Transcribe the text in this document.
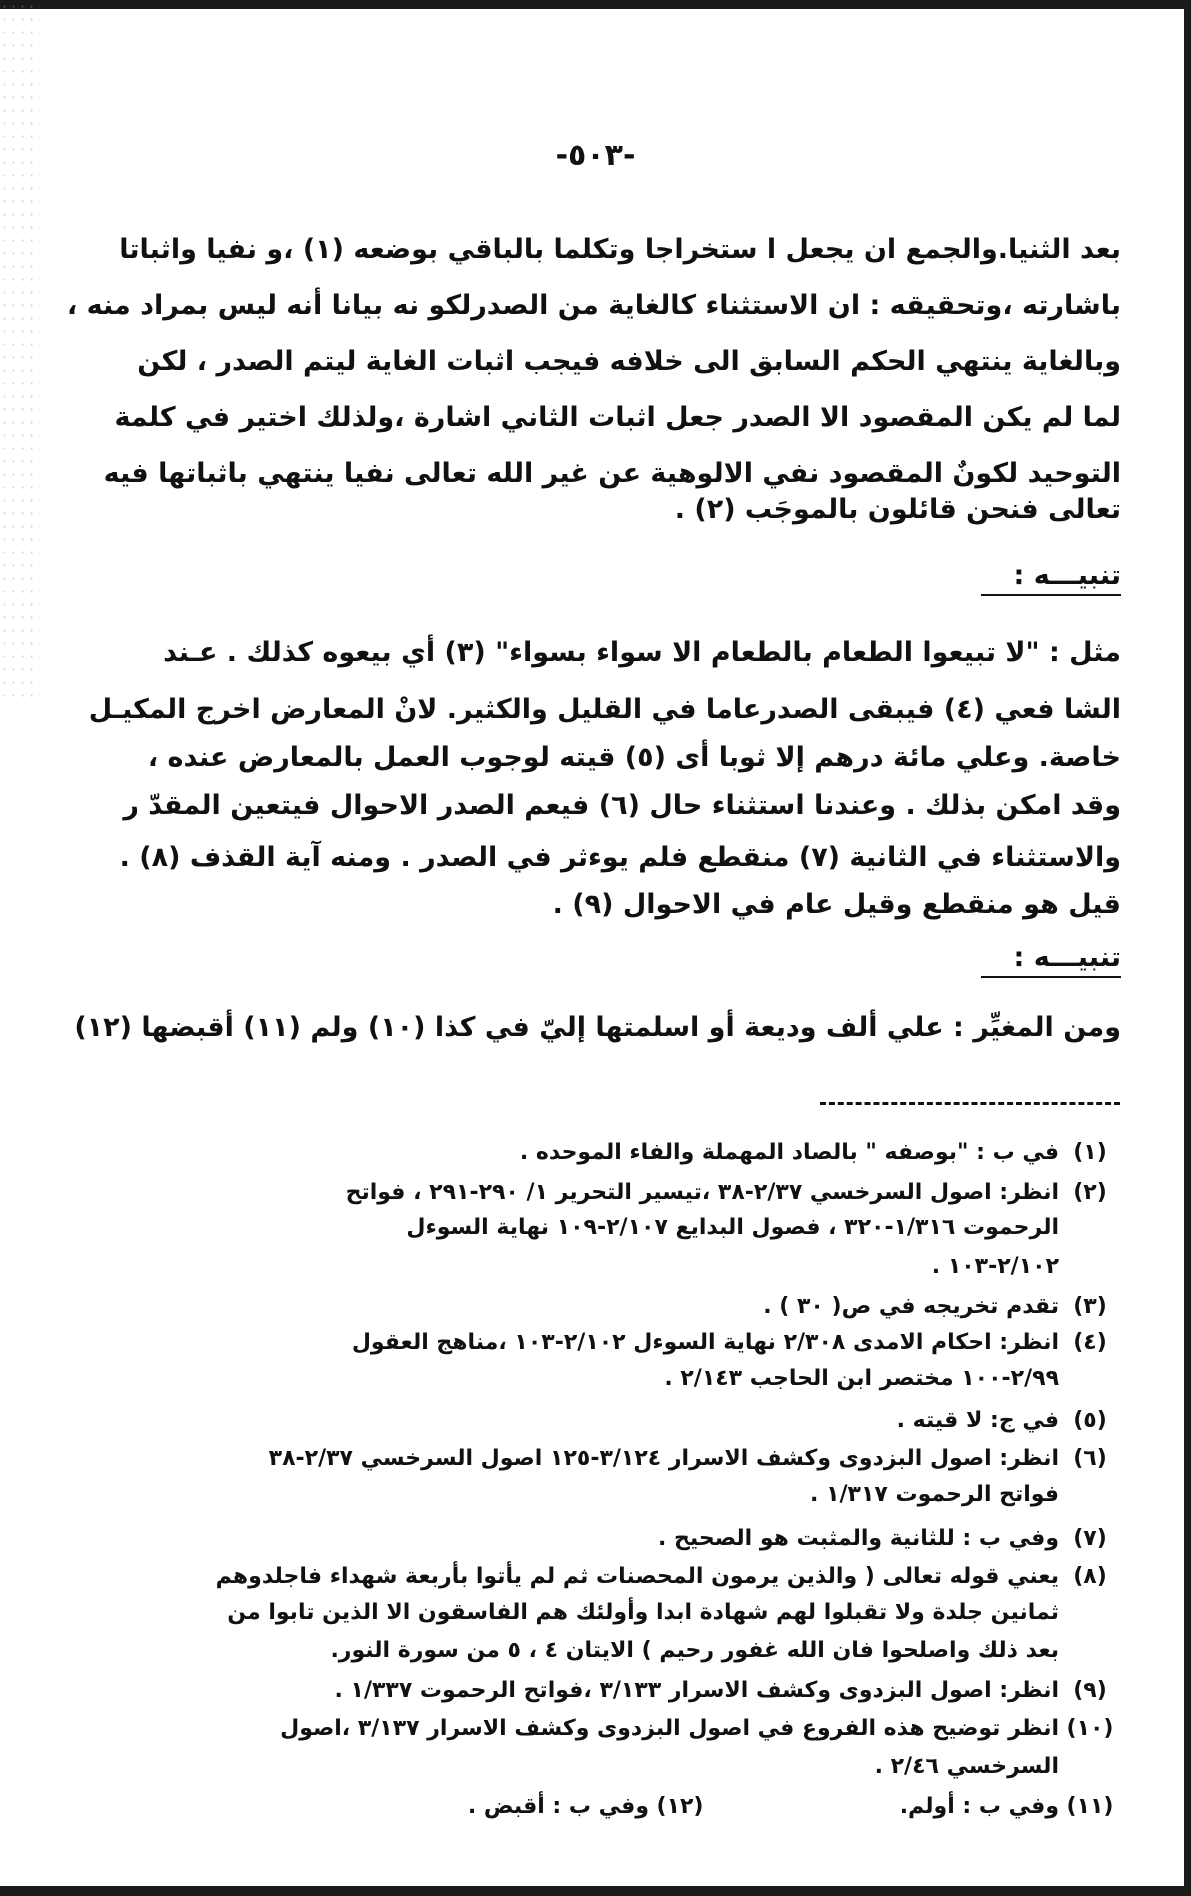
-٥٠٣-
بعد الثنيا.والجمع ان يجعل ا ستخراجا وتكلما بالباقي بوضعه (١) ،و نفيا واثباتا
باشارته ،وتحقيقه : ان الاستثناء كالغاية من الصدرلكو نه بيانا أنه ليس بمراد منه ،
وبالغاية ينتهي الحكم السابق الى خلافه فيجب اثبات الغاية ليتم الصدر ، لكن
لما لم يكن المقصود الا الصدر جعل اثبات الثاني اشارة ،ولذلك اختير في كلمة
التوحيد لكونٌ المقصود نفي الالوهية عن غير الله تعالى نفيا ينتهي باثباتها فيه
تعالى فنحن قائلون بالموجَب (٢) .
تنبيـــه :
مثل : "لا تبيعوا الطعام بالطعام الا سواء بسواء" (٣) أي بيعوه كذلك . عـند
الشا فعي (٤) فيبقى الصدرعاما في القليل والكثير. لانْ المعارض اخرج المكيـل
خاصة. وعلي مائة درهم إلا ثوبا أى (٥) قيته لوجوب العمل بالمعارض عنده ،
وقد امكن بذلك . وعندنا استثناء حال (٦) فيعم الصدر الاحوال فيتعين المقدّ ر
والاستثناء في الثانية (٧) منقطع فلم يوءثر في الصدر . ومنه آية القذف (٨) .
قيل هو منقطع وقيل عام في الاحوال (٩) .
تنبيـــه :
ومن المغيِّر : علي ألف وديعة أو اسلمتها إليّ في كذا (١٠) ولم (١١) أقبضها (١٢)
(١)في ب : "بوصفه " بالصاد المهملة والفاء الموحده .
(٢)انظر: اصول السرخسي ٢/٣٧-٣٨ ،تيسير التحرير ١/ ٢٩٠-٢٩١ ، فواتح
الرحموت ١/٣١٦-٣٢٠ ، فصول البدايع ٢/١٠٧-١٠٩ نهاية السوءل
٢/١٠٢-١٠٣ .
(٣)تقدم تخريجه في ص( ٣٠ ) .
(٤)انظر: احكام الامدى ٢/٣٠٨ نهاية السوءل ٢/١٠٢-١٠٣ ،مناهج العقول
٢/٩٩-١٠٠ مختصر ابن الحاجب ٢/١٤٣ .
(٥)في ج: لا قيته .
(٦)انظر: اصول البزدوى وكشف الاسرار ٣/١٢٤-١٢٥ اصول السرخسي ٢/٣٧-٣٨
فواتح الرحموت ١/٣١٧ .
(٧)وفي ب : للثانية والمثبت هو الصحيح .
(٨)يعني قوله تعالى ( والذين يرمون المحصنات ثم لم يأتوا بأربعة شهداء فاجلدوهم
ثمانين جلدة ولا تقبلوا لهم شهادة ابدا وأولئك هم الفاسقون الا الذين تابوا من
بعد ذلك واصلحوا فان الله غفور رحيم ) الايتان ٤ ، ٥ من سورة النور.
(٩)انظر: اصول البزدوى وكشف الاسرار ٣/١٣٣ ،فواتح الرحموت ١/٣٣٧ .
(١٠)انظر توضيح هذه الفروع في اصول البزدوى وكشف الاسرار ٣/١٣٧ ،اصول
السرخسي ٢/٤٦ .
(١١)وفي ب : أولم.
(١٢)وفي ب : أقبض .
